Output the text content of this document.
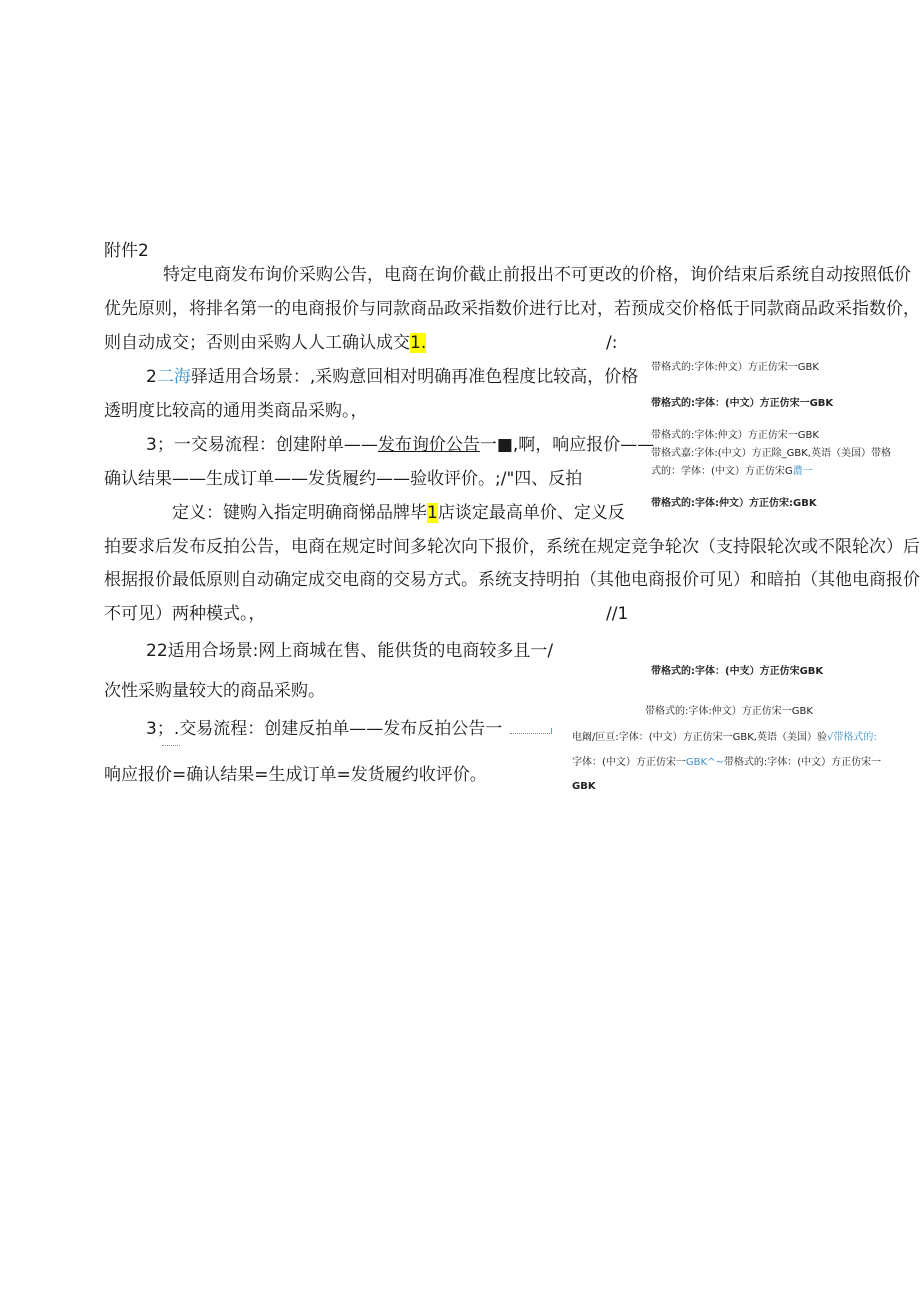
附件2
特定电商发布询价采购公告，电商在询价截止前报出不可更改的价格，询价结束后系统自动按照低价
优先原则，将排名第一的电商报价与同款商品政采指数价进行比对，若预成交价格低于同款商品政采指数价，
则自动成交；否则由采购人人工确认成交1.	/:
2二海驿适用合场景：,采购意回相对明确再准色程度比较高，价格
透明度比较高的通用类商品采购。，
3；一交易流程：创建附单——发布询价公告一■,啊，响应报价——
确认结果——生成订单——发货履约——验收评价。;/"四、反拍
定义：键购入指定明确商悌品牌毕1店谈定最高单价、定义反
拍要求后发布反拍公告，电商在规定时间多轮次向下报价，系统在规定竞争轮次（支持限轮次或不限轮次）后
根据报价最低原则自动确定成交电商的交易方式。系统支持明拍（其他电商报价可见）和暗拍（其他电商报价
不可见）两种模式。，	//1
22适用合场景:网上商城在售、能供货的电商较多且一/
次性采购量较大的商品采购。
3；.交易流程：创建反拍单——发布反拍公告一
响应报价=确认结果=生成订单=发货履约收评价。
带格式的:字体:仲文）方正仿宋一GBK
带格式的:字体：(中文）方正仿宋一GBK
带格式的:字体:仲文）方正仿宋一GBK
带格式嘉:字体:(中文）方正除_GBK,英语（美国）带格
式的：学体：(中文）方正仿宋G濃一
带格式的:字体:仲文）方正仿宋:GBK
带格式的:字体：(中支）方正仿宋GBK
带格式的:字体:仲文）方正仿宋一GBK
电阚/叵亘:字体：(中文）方正仿宋一GBK,英语（美国）验√带格式的:
字体：(中文）方正仿宋一GBK^~带格式的:字体：(中文）方正仿宋一
GBK
